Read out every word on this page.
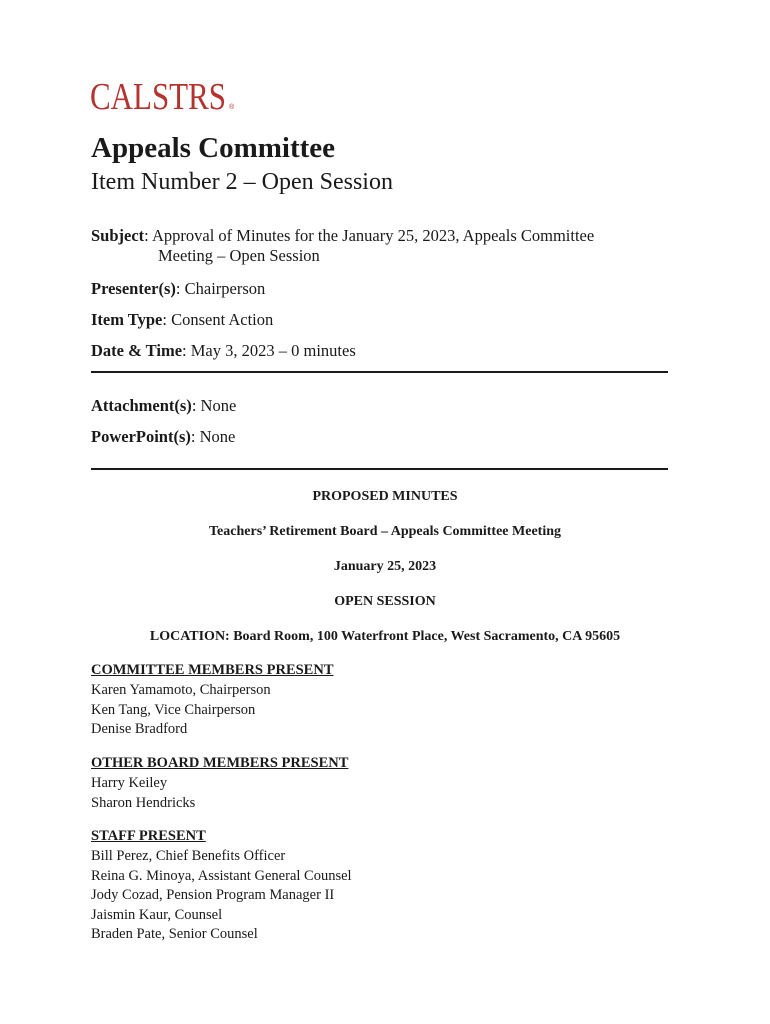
CALSTRS ®
Appeals Committee
Item Number 2 – Open Session
Subject: Approval of Minutes for the January 25, 2023, Appeals Committee
Meeting – Open Session
Presenter(s): Chairperson
Item Type: Consent Action
Date & Time: May 3, 2023 – 0 minutes
Attachment(s): None
PowerPoint(s): None
PROPOSED MINUTES
Teachers’ Retirement Board – Appeals Committee Meeting
January 25, 2023
OPEN SESSION
LOCATION: Board Room, 100 Waterfront Place, West Sacramento, CA 95605
COMMITTEE MEMBERS PRESENT
Karen Yamamoto, Chairperson
Ken Tang, Vice Chairperson
Denise Bradford
OTHER BOARD MEMBERS PRESENT
Harry Keiley
Sharon Hendricks
STAFF PRESENT
Bill Perez, Chief Benefits Officer
Reina G. Minoya, Assistant General Counsel
Jody Cozad, Pension Program Manager II
Jaismin Kaur, Counsel
Braden Pate, Senior Counsel
